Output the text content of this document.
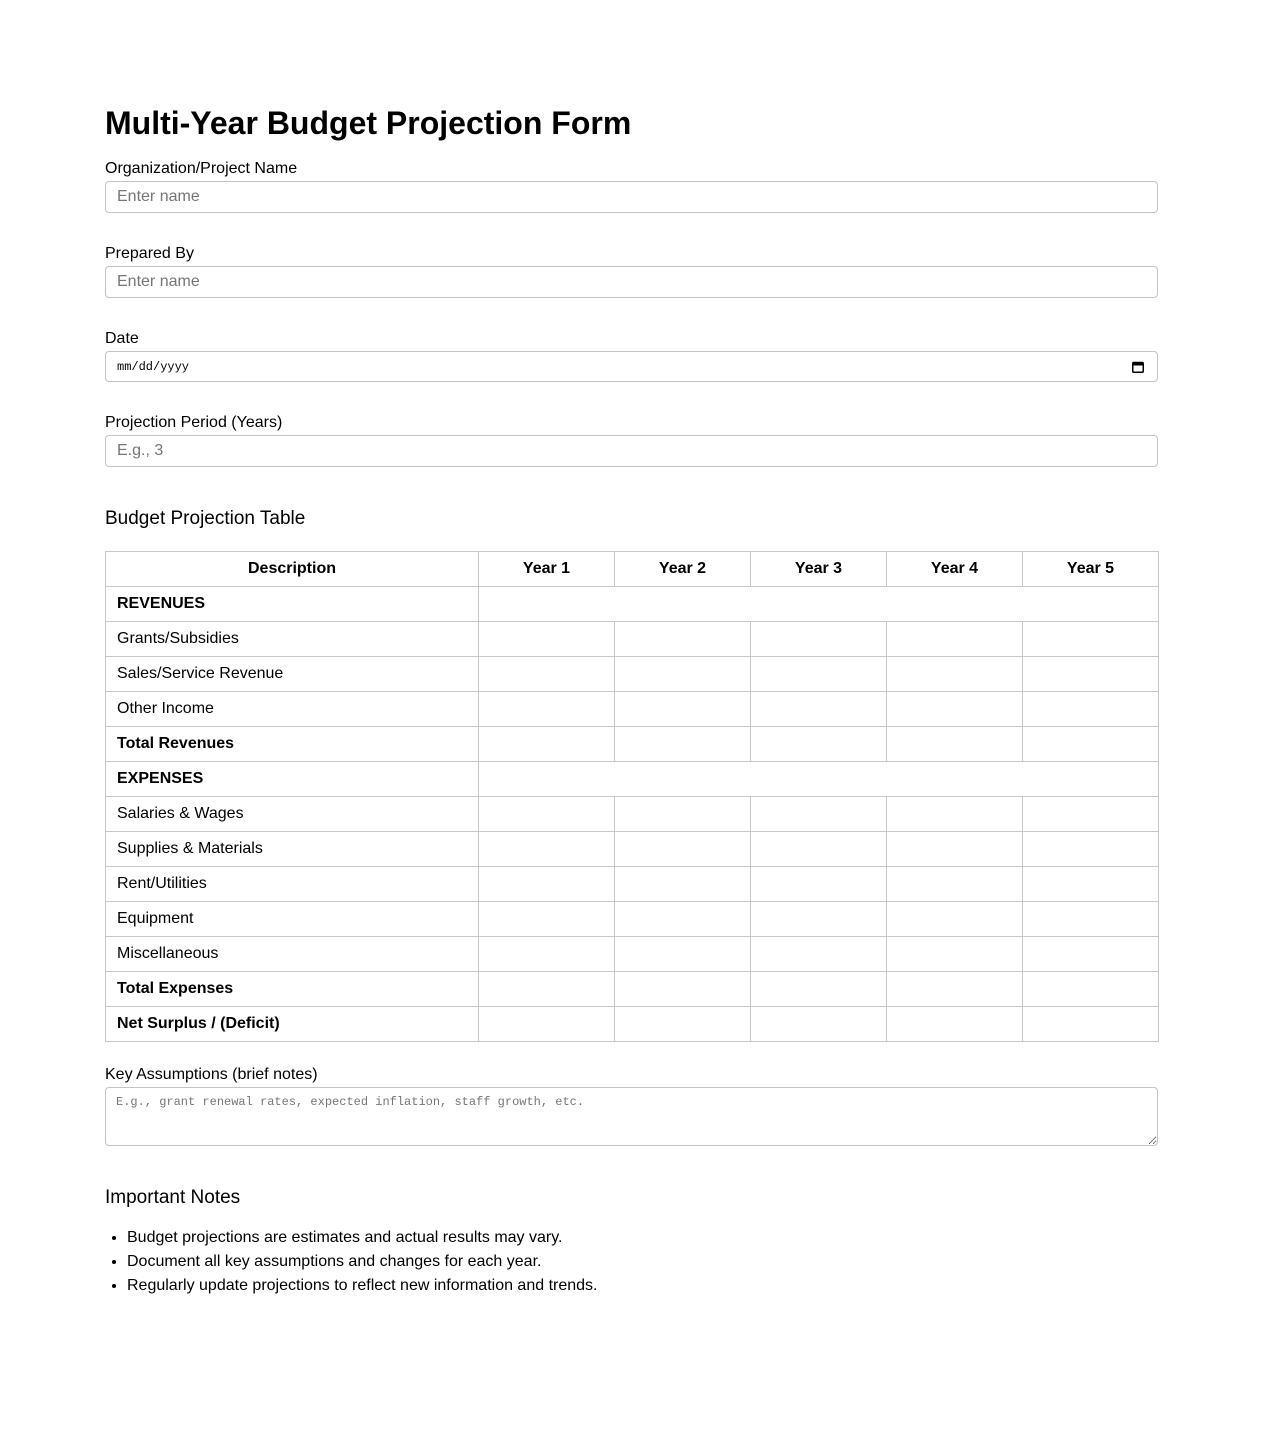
Multi-Year Budget Projection Form
Organization/Project Name
Enter name
Prepared By
Enter name
Date
mm/dd/yyyy
Projection Period (Years)
E.g., 3
Budget Projection Table
Description	Year 1	Year 2	Year 3	Year 4	Year 5
REVENUES					
Grants/Subsidies					
Sales/Service Revenue					
Other Income					
Total Revenues					
EXPENSES					
Salaries & Wages					
Supplies & Materials					
Rent/Utilities					
Equipment					
Miscellaneous					
Total Expenses					
Net Surplus / (Deficit)					
Key Assumptions (brief notes)
E.g., grant renewal rates, expected inflation, staff growth, etc.
Important Notes
• Budget projections are estimates and actual results may vary.
• Document all key assumptions and changes for each year.
• Regularly update projections to reflect new information and trends.
